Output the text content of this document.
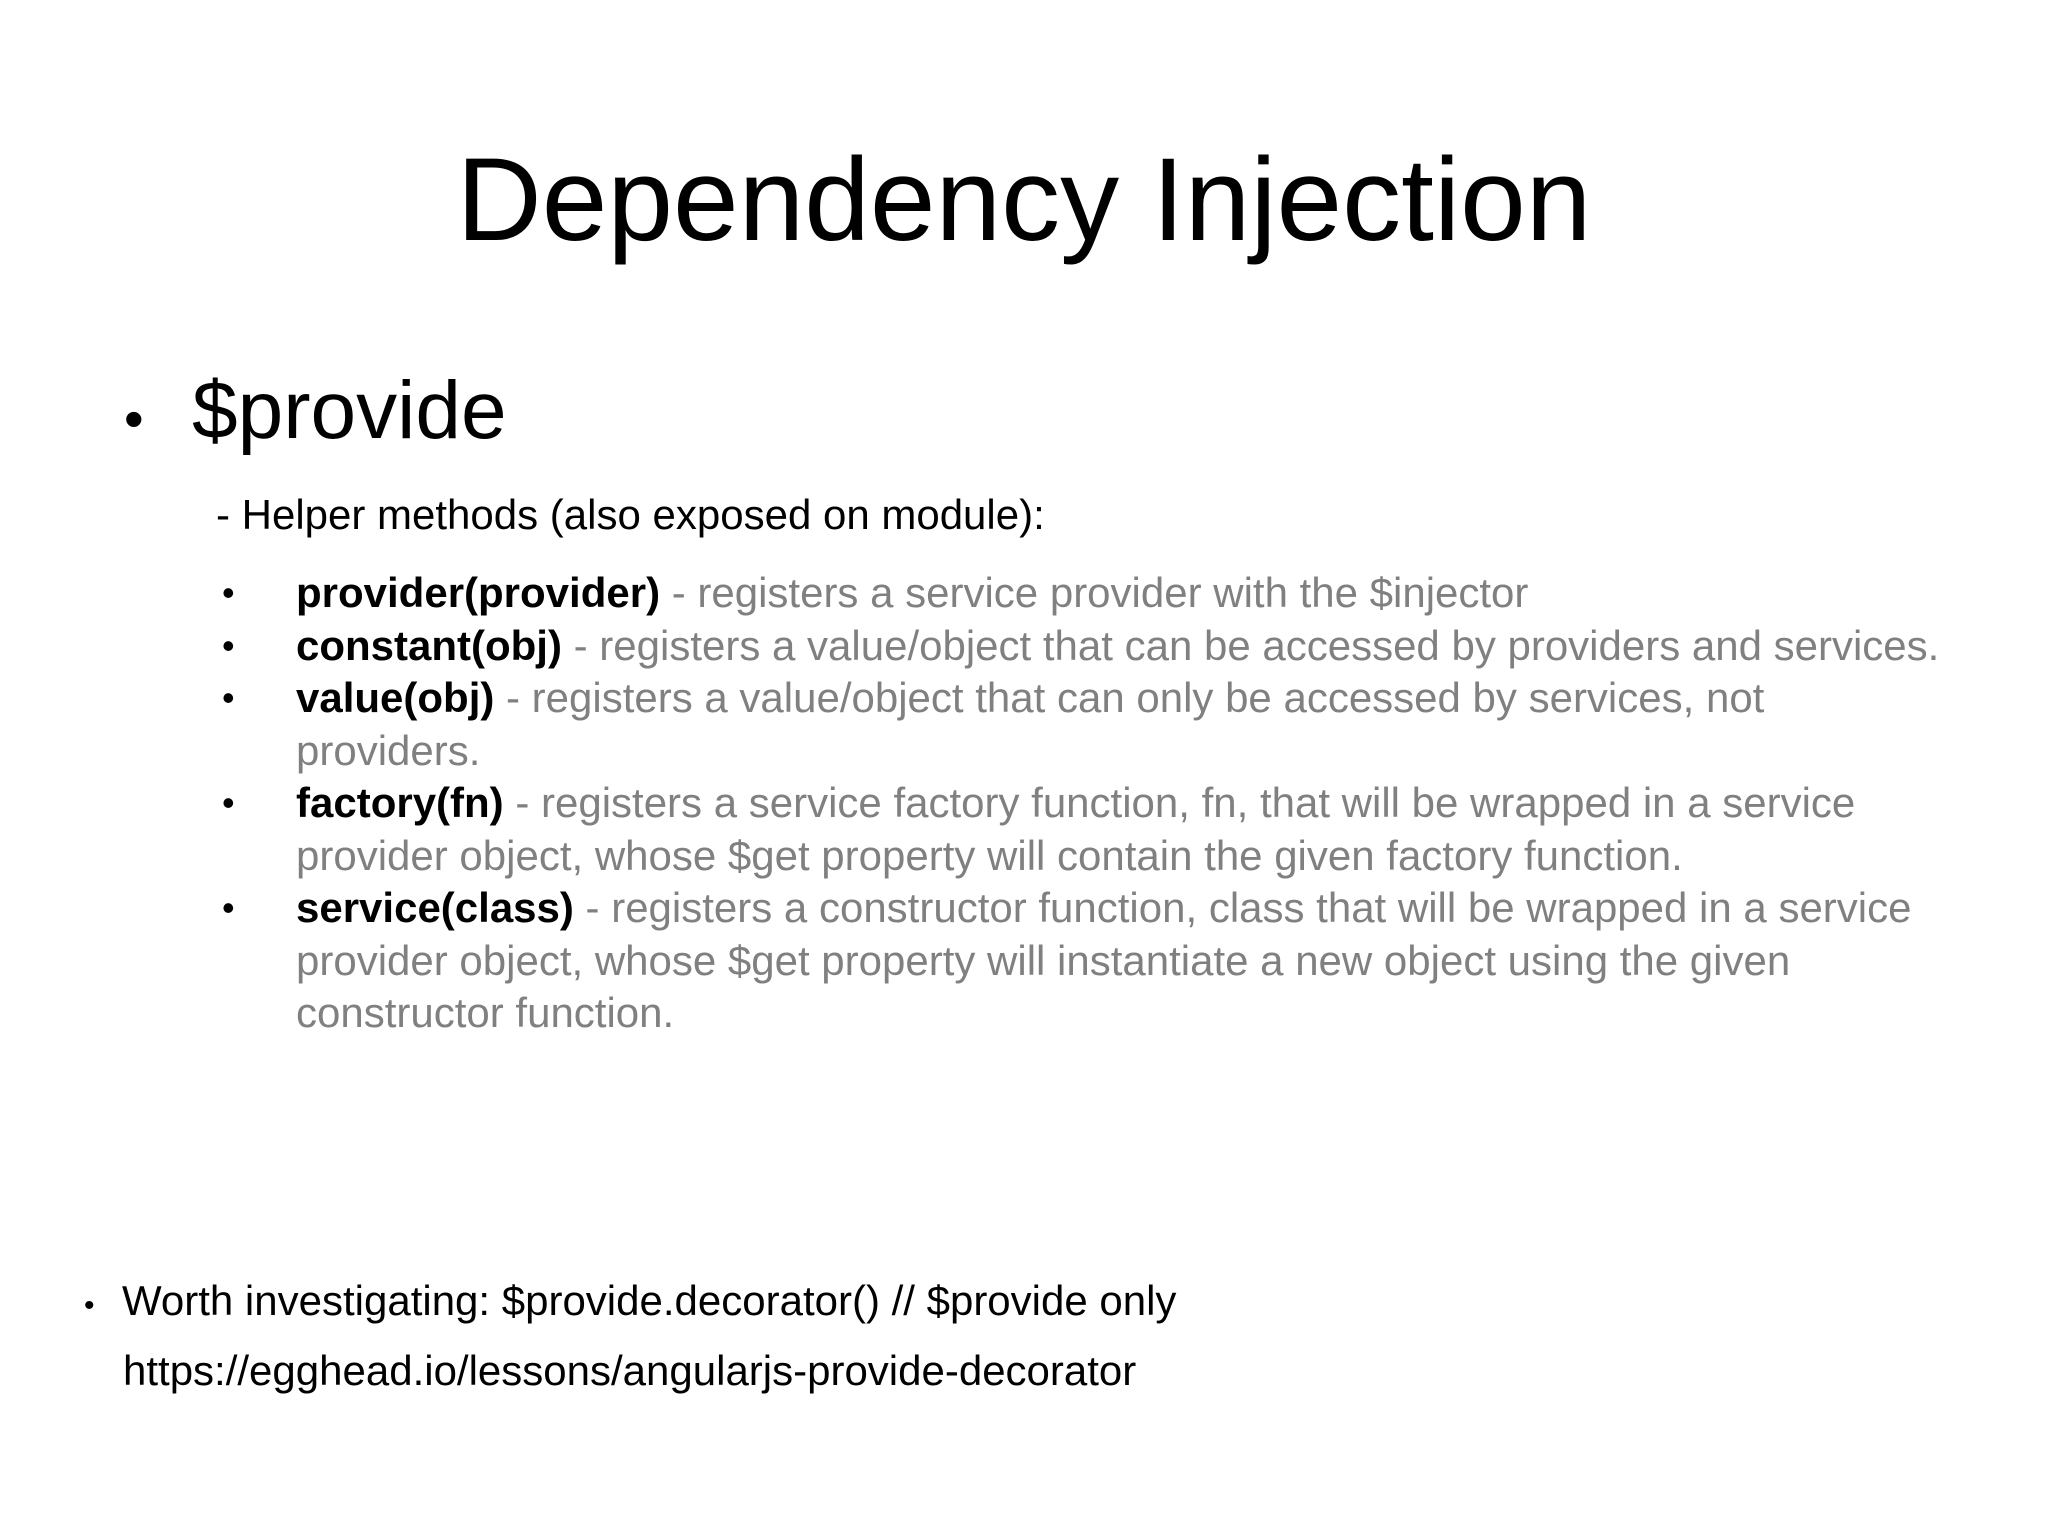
Dependency Injection
• $provide
- Helper methods (also exposed on module):
•	provider(provider) - registers a service provider with the $injector
•	constant(obj) - registers a value/object that can be accessed by providers and services.
•	value(obj) - registers a value/object that can only be accessed by services, not providers.
•	factory(fn) - registers a service factory function, fn, that will be wrapped in a service provider object, whose $get property will contain the given factory function.
•	service(class) - registers a constructor function, class that will be wrapped in a service provider object, whose $get property will instantiate a new object using the given constructor function.
• Worth investigating: $provide.decorator() // $provide only
https://egghead.io/lessons/angularjs-provide-decorator
